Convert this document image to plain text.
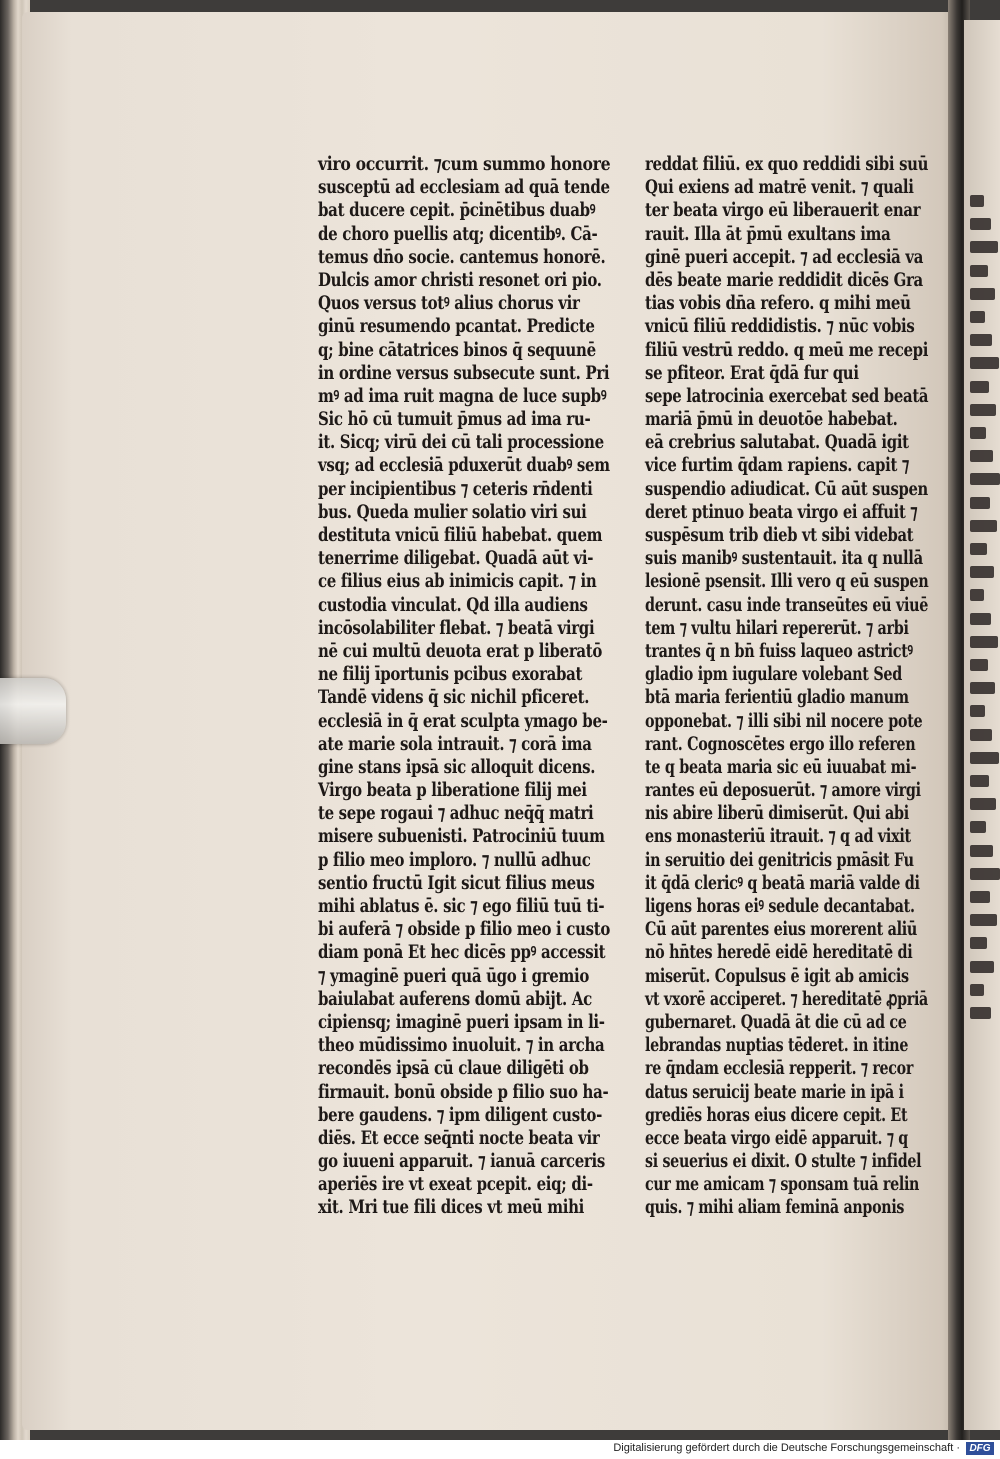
viro occurrit. ⁊cum summo honore
susceptū ad ecclesiam ad quā tende
bat ducere cepit. p̄cinētibus duabꝰ
de choro puellis atq; dicentibꝰ. Cā-
temus dn̄o socie. cantemus honorē.
Dulcis amor christi resonet ori pio.
Quos versus totꝰ alius chorus vir
ginū resumendo pcantat. Predicte
q; bine cātatrices binos q̄ sequunē
in ordine versus subsecute sunt. Pri
mꝰ ad ima ruit magna de luce supbꝰ
Sic hō cū tumuit p̄mus ad ima ru-
it. Sicq; virū dei cū tali processione
vsq; ad ecclesiā pduxerūt duabꝰ sem
per incipientibus ⁊ ceteris rn̄denti
bus. Queda mulier solatio viri sui
destituta vnicū filiū habebat. quem
tenerrime diligebat. Quadā aūt vi-
ce filius eius ab inimicis capit. ⁊ in
custodia vinculat. Qd illa audiens
incōsolabiliter flebat. ⁊ beatā virgi
nē cui multū deuota erat p liberatō
ne filij īportunis pcibus exorabat
Tandē videns q̄ sic nichil pficeret.
ecclesiā in q̄ erat sculpta ymago be-
ate marie sola intrauit. ⁊ corā ima
gine stans ipsā sic alloquit dicens.
Virgo beata p liberatione filij mei
te sepe rogaui ⁊ adhuc neq̄q̄ matri
misere subuenisti. Patrociniū tuum
p filio meo imploro. ⁊ nullū adhuc
sentio fructū Igit sicut filius meus
mihi ablatus ē. sic ⁊ ego filiū tuū ti-
bi auferā ⁊ obside p filio meo i custo
diam ponā Et hec dicēs ppꝰ accessit
⁊ ymaginē pueri quā ūgo i gremio
baiulabat auferens domū abijt. Ac
cipiensq; imaginē pueri ipsam in li-
theo mūdissimo inuoluit. ⁊ in archa
recondēs ipsā cū claue diligēti ob
firmauit. bonū obside p filio suo ha-
bere gaudens. ⁊ ipm diligent custo-
diēs. Et ecce seq̄nti nocte beata vir
go iuueni apparuit. ⁊ ianuā carceris
aperiēs ire vt exeat pcepit. eiq; di-
xit. Mri tue fili dices vt meū mihi
reddat filiū. ex quo reddidi sibi suū
Qui exiens ad matrē venit. ⁊ quali
ter beata virgo eū liberauerit enar
rauit. Illa āt p̄mū exultans ima
ginē pueri accepit. ⁊ ad ecclesiā va
dēs beate marie reddidit dicēs Gra
tias vobis dn̄a refero. q mihi meū
vnicū filiū reddidistis. ⁊ nūc vobis
filiū vestrū reddo. q meū me recepi
se pfiteor. Erat q̄dā fur qui
sepe latrocinia exercebat sed beatā
mariā p̄mū in deuotōe habebat.
eā crebrius salutabat. Quadā igit
vice furtim q̄dam rapiens. capit ⁊
suspendio adiudicat. Cū aūt suspen
deret ptinuo beata virgo ei affuit ⁊
suspēsum trib dieb vt sibi videbat
suis manibꝰ sustentauit. ita q nullā
lesionē psensit. Illi vero q eū suspen
derunt. casu inde transeūtes eū viuē
tem ⁊ vultu hilari repererūt. ⁊ arbi
trantes q̄ n bn̄ fuiss laqueo astrictꝰ
gladio ipm iugulare volebant Sed
btā maria ferientiū gladio manum
opponebat. ⁊ illi sibi nil nocere pote
rant. Cognoscētes ergo illo referen
te q beata maria sic eū iuuabat mi-
rantes eū deposuerūt. ⁊ amore virgi
nis abire liberū dimiserūt. Qui abi
ens monasteriū itrauit. ⁊ q ad vixit
in seruitio dei genitricis pmāsit Fu
it q̄dā clericꝰ q beatā mariā valde di
ligens horas eiꝰ sedule decantabat.
Cū aūt parentes eius morerent aliū
nō hn̄tes heredē eidē hereditatē di
miserūt. Copulsus ē igit ab amicis
vt vxorē acciperet. ⁊ hereditatē ꝓpriā
gubernaret. Quadā āt die cū ad ce
lebrandas nuptias tēderet. in itine
re q̄ndam ecclesiā repperit. ⁊ recor
datus seruicij beate marie in ipā i
grediēs horas eius dicere cepit. Et
ecce beata virgo eidē apparuit. ⁊ q
si seuerius ei dixit. O stulte ⁊ infidel
cur me amicam ⁊ sponsam tuā relin
quis. ⁊ mihi aliam feminā anponis
Digitalisierung gefördert durch die Deutsche Forschungsgemeinschaft · DFG
